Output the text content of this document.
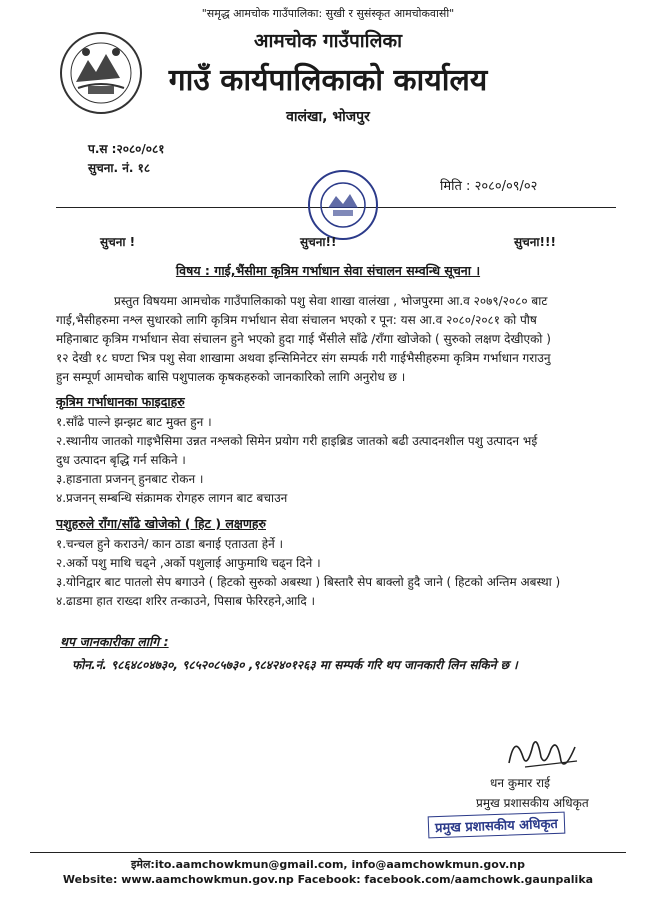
"समृद्ध आमचोक गाउँपालिका: सुखी र सुसंस्कृत आमचोकवासी"
आमचोक गाउँपालिका
गाउँ कार्यपालिकाको कार्यालय
वालंखा, भोजपुर
प.स :२०८०/०८१
सुचना. नं. १८
मिति : २०८०/०९/०२
सुचना !	सुचना!!	सुचना!!!
विषय : गाई,भैंसीमा कृत्रिम गर्भाधान सेवा संचालन सम्वन्धि सूचना ।
प्रस्तुत विषयमा आमचोक गाउँपालिकाको पशु सेवा शाखा वालंखा , भोजपुरमा आ.व २०७९/२०८० बाट
गाई,भैसीहरुमा नश्ल सुधारको लागि कृत्रिम गर्भाधान सेवा संचालन भएको र पून: यस आ.व २०८०/२०८१ को पौष
महिनाबाट कृत्रिम गर्भाधान सेवा संचालन हुने भएको हुदा गाई भैंसीले साँढे /राँगा खोजेको ( सुरुको लक्षण देखीएको )
१२ देखी १८ घण्टा भित्र पशु सेवा शाखामा अथवा इन्सिमिनेटर संग सम्पर्क गरी गाईभैसीहरुमा कृत्रिम गर्भाधान गराउनु
हुन सम्पूर्ण आमचोक बासि पशुपालक कृषकहरुको जानकारिको लागि अनुरोध छ ।
कृत्रिम गर्भाधानका फाइदाहरु
१.साँढे पाल्ने झन्झट बाट मुक्त हुन ।
२.स्थानीय जातको गाइभैसिमा उन्नत नश्लको सिमेन प्रयोग गरी हाइब्रिड जातको बढी उत्पादनशील पशु उत्पादन भई
दुध उत्पादन बृद्धि गर्न सकिने ।
३.हाडनाता प्रजनन् हुनबाट रोकन ।
४.प्रजनन् सम्बन्धि संक्रामक रोगहरु लागन बाट बचाउन
पशुहरुले राँगा/साँढे खोजेको ( हिट ) लक्षणहरु
१.चन्चल हुने कराउने/ कान ठाडा बनाई एताउता हेर्ने ।
२.अर्को पशु माथि चढ्ने ,अर्को पशुलाई आफुमाथि चढ्न दिने ।
३.योनिद्वार बाट पातलो सेप बगाउने ( हिटको सुरुको अबस्था ) बिस्तारै सेप बाक्लो हुदै जाने ( हिटको अन्तिम अबस्था )
४.ढाडमा हात राख्दा शरिर तन्काउने, पिसाब फेरिरहने,आदि ।
थप जानकारीका लागि :
फोन.नं. ९८६४८०४७३०, ९८५२०८५७३० ,९८४२४०१२६३ मा सम्पर्क गरि थप जानकारी लिन सकिने छ ।
धन कुमार राई
प्रमुख प्रशासकीय अधिकृत
प्रमुख प्रशासकीय अधिकृत
इमेल:ito.aamchowkmun@gmail.com, info@aamchowkmun.gov.np
Website: www.aamchowkmun.gov.np Facebook: facebook.com/aamchowk.gaunpalika
